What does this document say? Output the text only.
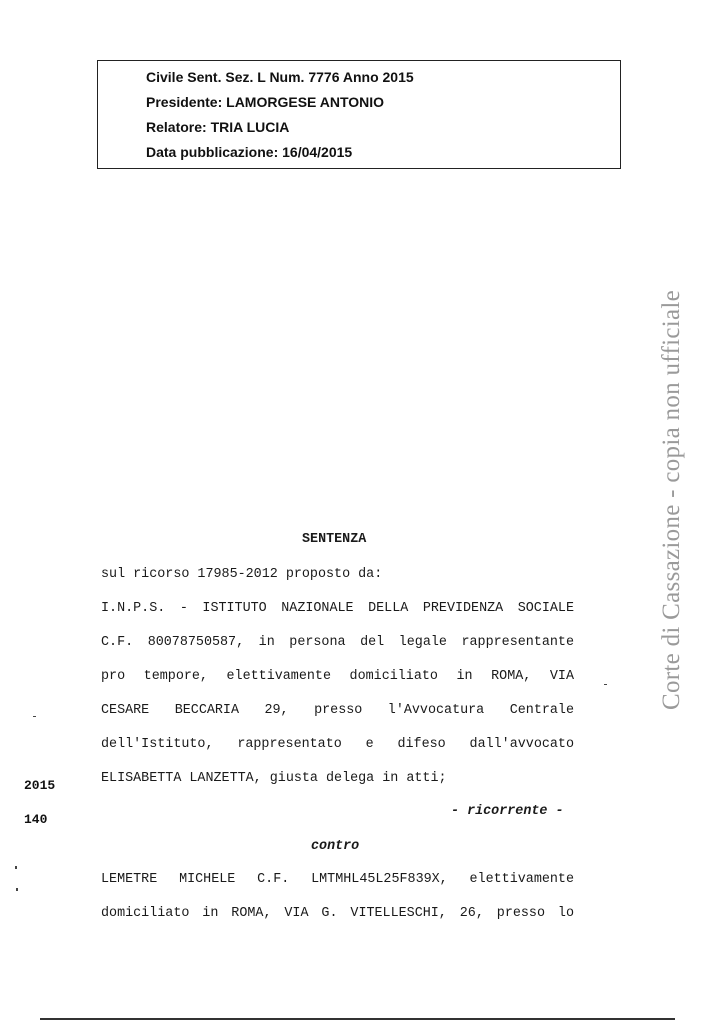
Civile Sent. Sez. L Num. 7776 Anno 2015
Presidente: LAMORGESE ANTONIO
Relatore: TRIA LUCIA
Data pubblicazione: 16/04/2015
Corte di Cassazione - copia non ufficiale
SENTENZA
sul ricorso 17985-2012 proposto da:
I.N.P.S. - ISTITUTO NAZIONALE DELLA PREVIDENZA SOCIALE
C.F. 80078750587, in persona del legale rappresentante
pro tempore, elettivamente domiciliato in ROMA, VIA
CESARE BECCARIA 29, presso l'Avvocatura Centrale
dell'Istituto, rappresentato e difeso dall'avvocato
ELISABETTA LANZETTA, giusta delega in atti;
- ricorrente -
contro
LEMETRE MICHELE C.F. LMTMHL45L25F839X, elettivamente
domiciliato in ROMA, VIA G. VITELLESCHI, 26, presso lo
2015
140
